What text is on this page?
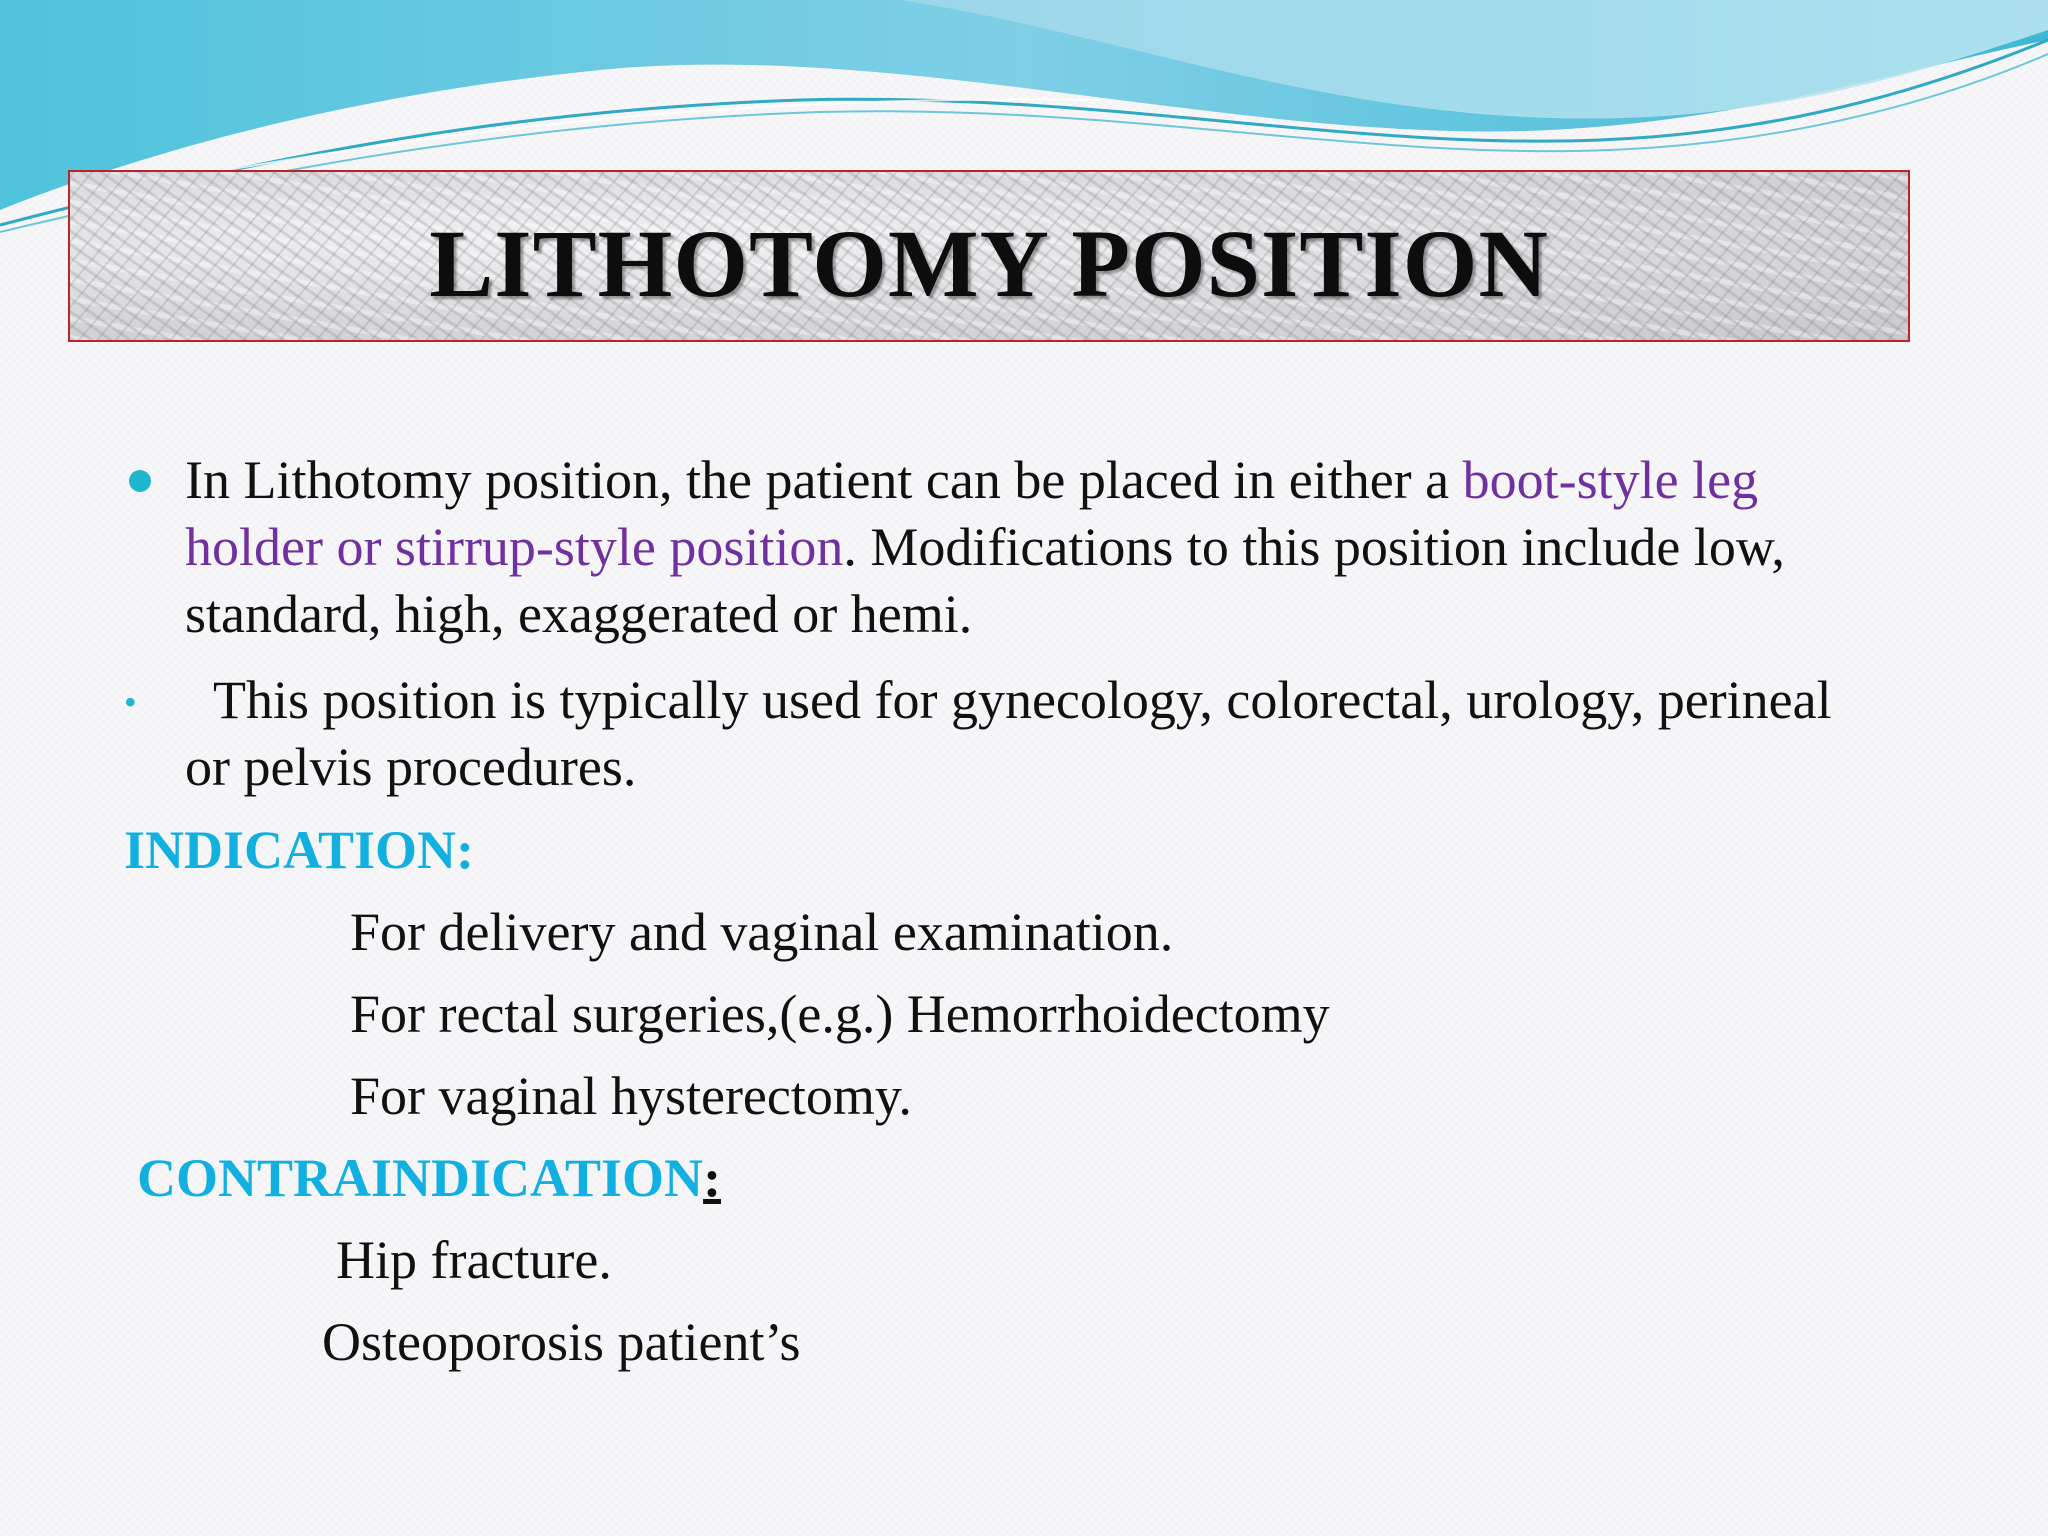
LITHOTOMY POSITION
In Lithotomy position, the patient can be placed in either a boot-style leg
holder or stirrup-style position. Modifications to this position include low,
standard, high, exaggerated or hemi.
• This position is typically used for gynecology, colorectal, urology, perineal
or pelvis procedures.
INDICATION:
For delivery and vaginal examination.
For rectal surgeries,(e.g.) Hemorrhoidectomy
For vaginal hysterectomy.
CONTRAINDICATION:
Hip fracture.
Osteoporosis patient’s
